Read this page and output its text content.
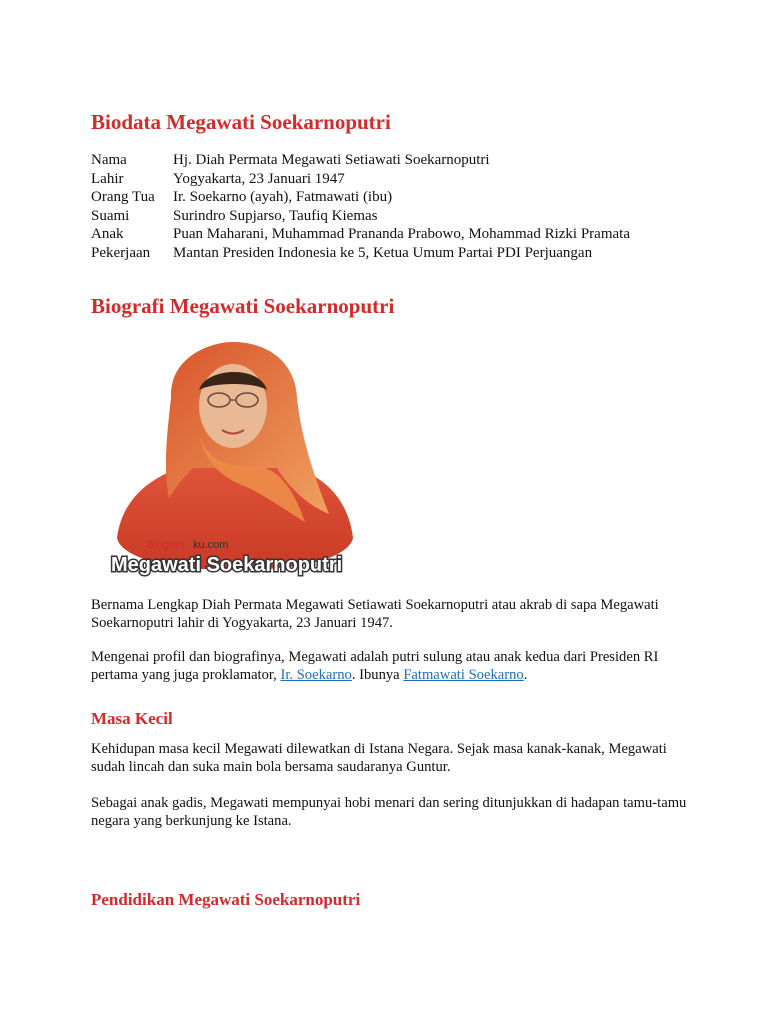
Biodata Megawati Soekarnoputri
Nama	Hj. Diah Permata Megawati Setiawati Soekarnoputri
Lahir	Yogyakarta, 23 Januari 1947
Orang Tua	Ir. Soekarno (ayah), Fatmawati (ibu)
Suami	Surindro Supjarso, Taufiq Kiemas
Anak	Puan Maharani, Muhammad Prananda Prabowo, Mohammad Rizki Pramata
Pekerjaan	Mantan Presiden Indonesia ke 5, Ketua Umum Partai PDI Perjuangan
Biografi Megawati Soekarnoputri
Biografi ku.com
Megawati Soekarnoputri

Bernama Lengkap Diah Permata Megawati Setiawati Soekarnoputri atau akrab di sapa Megawati Soekarnoputri lahir di Yogyakarta, 23 Januari 1947.

Mengenai profil dan biografinya, Megawati adalah putri sulung atau anak kedua dari Presiden RI pertama yang juga proklamator, Ir. Soekarno. Ibunya Fatmawati Soekarno.

Masa Kecil

Kehidupan masa kecil Megawati dilewatkan di Istana Negara. Sejak masa kanak-kanak, Megawati sudah lincah dan suka main bola bersama saudaranya Guntur.

Sebagai anak gadis, Megawati mempunyai hobi menari dan sering ditunjukkan di hadapan tamu-tamu negara yang berkunjung ke Istana.

Pendidikan Megawati Soekarnoputri
